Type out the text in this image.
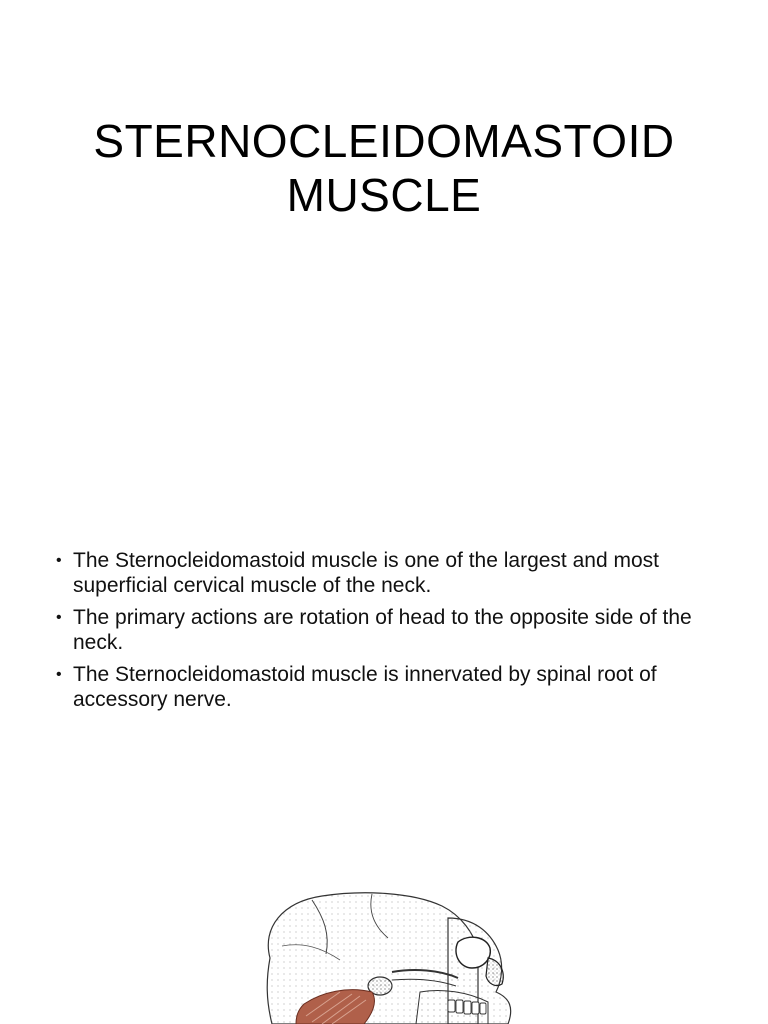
STERNOCLEIDOMASTOID
MUSCLE
• The Sternocleidomastoid muscle is one of the largest and most superficial cervical muscle of the neck.
• The primary actions are rotation of head to the opposite side of the neck.
• The Sternocleidomastoid muscle is innervated by spinal root of accessory nerve.
